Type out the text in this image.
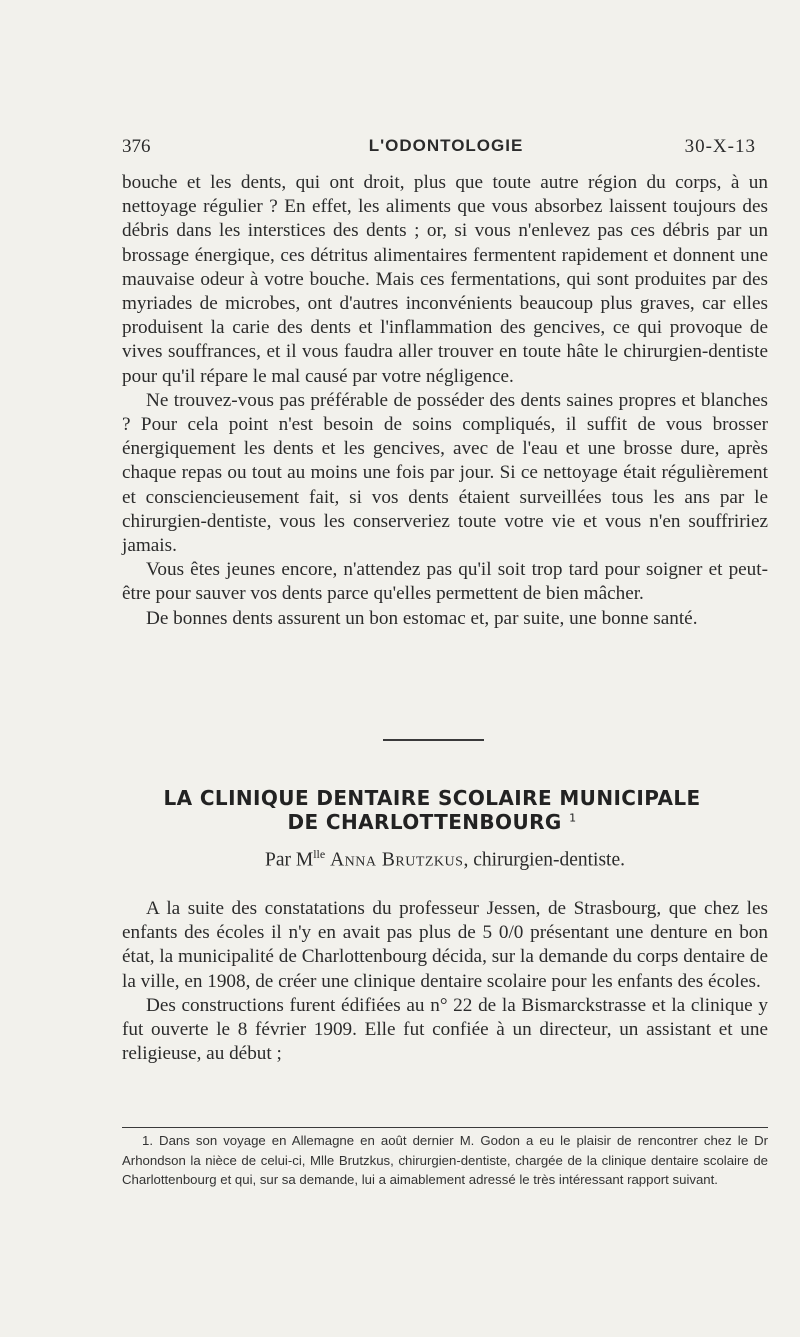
376	L'ODONTOLOGIE	30-X-13

bouche et les dents, qui ont droit, plus que toute autre région du corps, à un nettoyage régulier ? En effet, les aliments que vous absorbez laissent toujours des débris dans les interstices des dents ; or, si vous n'enlevez pas ces débris par un brossage énergique, ces détritus alimentaires fermentent rapidement et donnent une mauvaise odeur à votre bouche. Mais ces fermentations, qui sont produites par des myriades de microbes, ont d'autres inconvénients beaucoup plus graves, car elles produisent la carie des dents et l'inflammation des gencives, ce qui provoque de vives souffrances, et il vous faudra aller trouver en toute hâte le chirurgien-dentiste pour qu'il répare le mal causé par votre négligence.

Ne trouvez-vous pas préférable de posséder des dents saines propres et blanches ? Pour cela point n'est besoin de soins compliqués, il suffit de vous brosser énergiquement les dents et les gencives, avec de l'eau et une brosse dure, après chaque repas ou tout au moins une fois par jour. Si ce nettoyage était régulièrement et consciencieusement fait, si vos dents étaient surveillées tous les ans par le chirurgien-dentiste, vous les conserveriez toute votre vie et vous n'en souffririez jamais.

Vous êtes jeunes encore, n'attendez pas qu'il soit trop tard pour soigner et peut-être pour sauver vos dents parce qu'elles permettent de bien mâcher.

De bonnes dents assurent un bon estomac et, par suite, une bonne santé.

LA CLINIQUE DENTAIRE SCOLAIRE MUNICIPALE
DE CHARLOTTENBOURG $^1$
Par $M^{lle}$ Anna Brutzkus, chirurgien-dentiste.

A la suite des constatations du professeur Jessen, de Strasbourg, que chez les enfants des écoles il n'y en avait pas plus de 5 0/0 présentant une denture en bon état, la municipalité de Charlottenbourg décida, sur la demande du corps dentaire de la ville, en 1908, de créer une clinique dentaire scolaire pour les enfants des écoles.

Des constructions furent édifiées au n° 22 de la Bismarckstrasse et la clinique y fut ouverte le 8 février 1909. Elle fut confiée à un directeur, un assistant et une religieuse, au début ;

1. Dans son voyage en Allemagne en août dernier M. Godon a eu le plaisir de rencontrer chez le Dr Arhondson la nièce de celui-ci, Mlle Brutzkus, chirurgien-dentiste, chargée de la clinique dentaire scolaire de Charlottenbourg et qui, sur sa demande, lui a aimablement adressé le très intéressant rapport suivant.
